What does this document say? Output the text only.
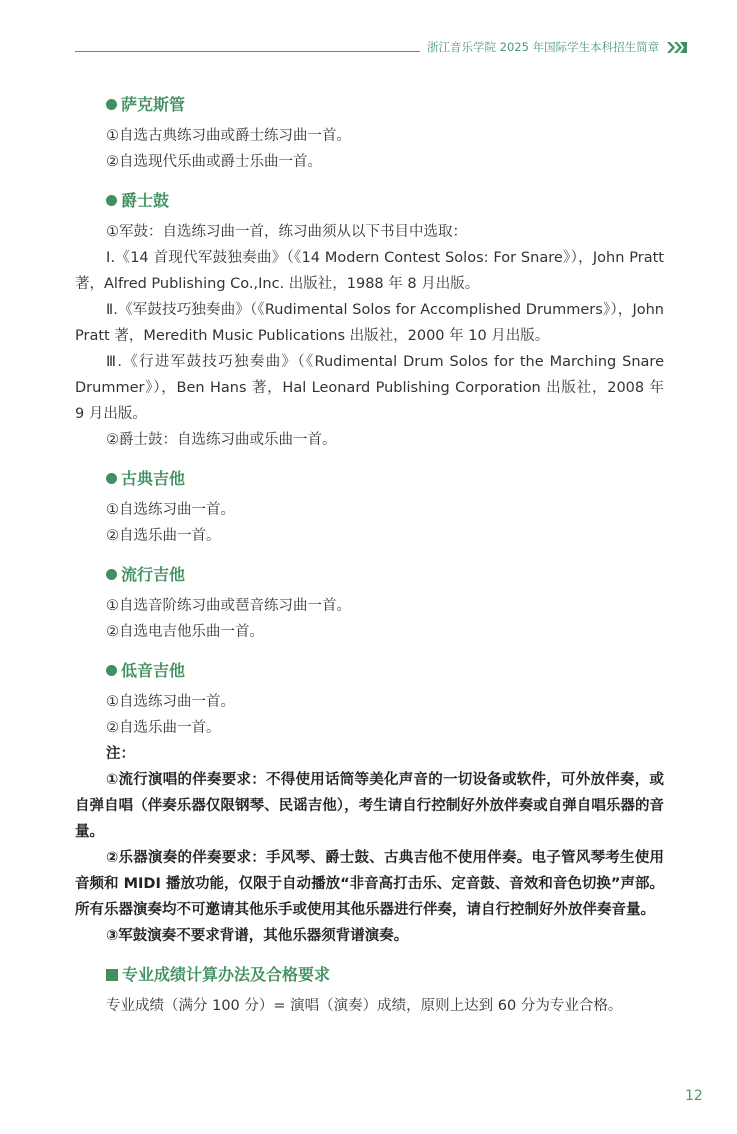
浙江音乐学院 2025 年国际学生本科招生简章
萨克斯管

①自选古典练习曲或爵士练习曲一首。

②自选现代乐曲或爵士乐曲一首。

爵士鼓

①军鼓：自选练习曲一首，练习曲须从以下书目中选取：

Ⅰ.《14 首现代军鼓独奏曲》（《14 Modern Contest Solos: For Snare》），John Pratt 著，Alfred Publishing Co.,Inc. 出版社，1988 年 8 月出版。

Ⅱ.《军鼓技巧独奏曲》（《Rudimental Solos for Accomplished Drummers》），John Pratt 著，Meredith Music Publications 出版社，2000 年 10 月出版。

Ⅲ.《行进军鼓技巧独奏曲》（《Rudimental Drum Solos for the Marching Snare Drummer》），Ben Hans 著，Hal Leonard Publishing Corporation 出版社，2008 年 9 月出版。

②爵士鼓：自选练习曲或乐曲一首。

古典吉他

①自选练习曲一首。

②自选乐曲一首。

流行吉他

①自选音阶练习曲或琶音练习曲一首。

②自选电吉他乐曲一首。

低音吉他

①自选练习曲一首。

②自选乐曲一首。

注：

①流行演唱的伴奏要求：不得使用话筒等美化声音的一切设备或软件，可外放伴奏，或自弹自唱（伴奏乐器仅限钢琴、民谣吉他），考生请自行控制好外放伴奏或自弹自唱乐器的音量。

②乐器演奏的伴奏要求：手风琴、爵士鼓、古典吉他不使用伴奏。电子管风琴考生使用音频和 MIDI 播放功能，仅限于自动播放“非音高打击乐、定音鼓、音效和音色切换”声部。所有乐器演奏均不可邀请其他乐手或使用其他乐器进行伴奏，请自行控制好外放伴奏音量。

③军鼓演奏不要求背谱，其他乐器须背谱演奏。

专业成绩计算办法及合格要求

专业成绩（满分 100 分）= 演唱（演奏）成绩，原则上达到 60 分为专业合格。

12
